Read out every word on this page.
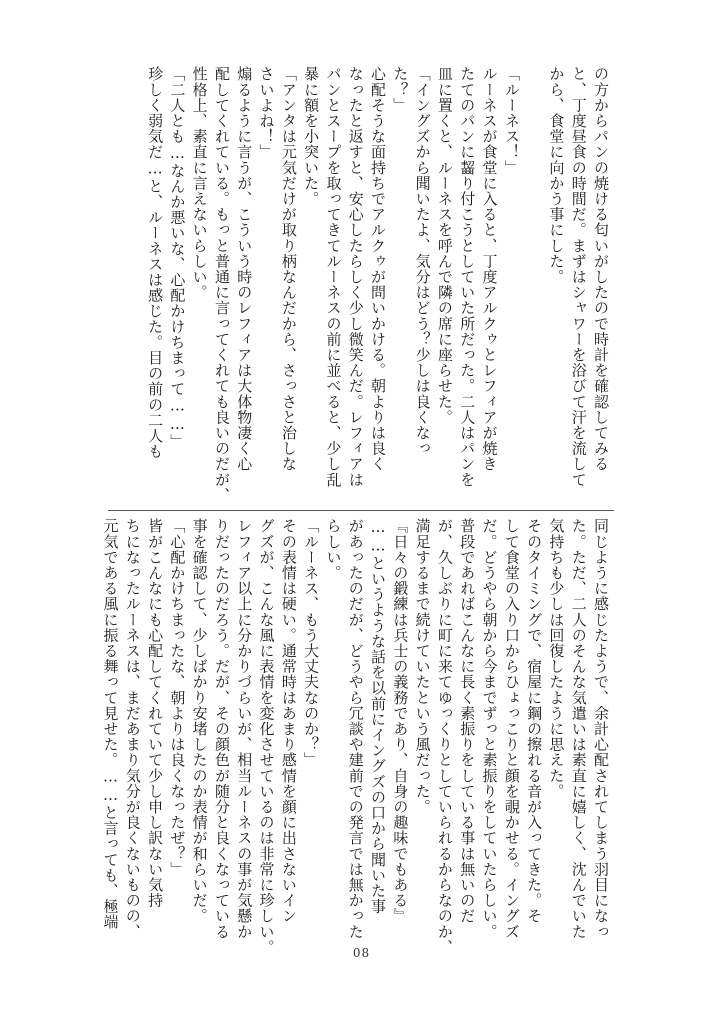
の方からパンの焼ける匂いがしたので時計を確認してみる
と、丁度昼食の時間だ。まずはシャワーを浴びて汗を流して
から、食堂に向かう事にした。
「ルーネス！」
ルーネスが食堂に入ると、丁度アルクゥとレフィアが焼き
たてのパンに齧り付こうとしていた所だった。二人はパンを
皿に置くと、ルーネスを呼んで隣の席に座らせた。
「イングズから聞いたよ、気分はどう？少しは良くなっ
た？」
心配そうな面持ちでアルクゥが問いかける。朝よりは良く
なったと返すと、安心したらしく少し微笑んだ。レフィアは
パンとスープを取ってきてルーネスの前に並べると、少し乱
暴に額を小突いた。
「アンタは元気だけが取り柄なんだから、さっさと治しな
さいよね！」
煽るように言うが、こういう時のレフィアは大体物凄く心
配してくれている。もっと普通に言ってくれても良いのだが、
性格上、素直に言えないらしい。
「二人とも…なんか悪いな、心配かけちまって……」
珍しく弱気だ…と、ルーネスは感じた。目の前の二人も
同じように感じたようで、余計心配されてしまう羽目になっ
た。ただ、二人のそんな気遣いは素直に嬉しく、沈んでいた
気持ちも少しは回復したように思えた。
そのタイミングで、宿屋に鋼の擦れる音が入ってきた。そ
して食堂の入り口からひょっこりと顔を覗かせる。イングズ
だ。どうやら朝から今までずっと素振りをしていたらしい。
普段であればこんなに長く素振りをしている事は無いのだ
が、久しぶりに町に来てゆっくりとしていられるからなのか、
満足するまで続けていたという風だった。
『日々の鍛練は兵士の義務であり、自身の趣味でもある』
……というような話を以前にイングズの口から聞いた事
があったのだが、どうやら冗談や建前での発言では無かった
らしい。
「ルーネス、もう大丈夫なのか？」
その表情は硬い。通常時はあまり感情を顔に出さないイン
グズが、こんな風に表情を変化させているのは非常に珍しい。
レフィア以上に分かりづらいが、相当ルーネスの事が気懸か
りだったのだろう。だが、その顔色が随分と良くなっている
事を確認して、少しばかり安堵したのか表情が和らいだ。
「心配かけちまったな、朝よりは良くなったぜ？」
皆がこんなにも心配してくれていて少し申し訳ない気持
ちになったルーネスは、まだあまり気分が良くないものの、
元気である風に振る舞って見せた。……と言っても、極端
08
